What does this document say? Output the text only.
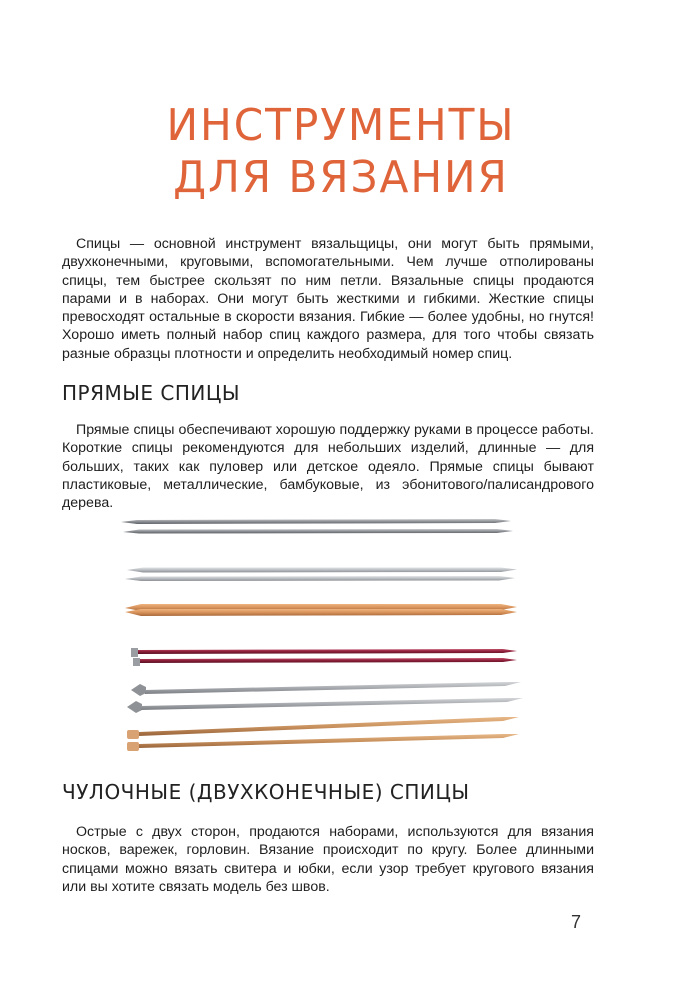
ИНСТРУМЕНТЫ
ДЛЯ ВЯЗАНИЯ

Спицы — основной инструмент вязальщицы, они могут быть прямыми, двухконечными, круговыми, вспомогательными. Чем лучше отполированы спицы, тем быстрее скользят по ним петли. Вязальные спицы продаются парами и в наборах. Они могут быть жесткими и гибкими. Жесткие спицы превосходят остальные в скорости вязания. Гибкие — более удобны, но гнутся! Хорошо иметь полный набор спиц каждого размера, для того чтобы связать разные образцы плотности и определить необходимый номер спиц.

ПРЯМЫЕ СПИЦЫ

Прямые спицы обеспечивают хорошую поддержку руками в процессе работы. Короткие спицы рекомендуются для небольших изделий, длинные — для больших, таких как пуловер или детское одеяло. Прямые спицы бывают пластиковые, металлические, бамбуковые, из эбонитового/палисандрового дерева.

ЧУЛОЧНЫЕ (ДВУХКОНЕЧНЫЕ) СПИЦЫ

Острые с двух сторон, продаются наборами, используются для вязания носков, варежек, горловин. Вязание происходит по кругу. Более длинными спицами можно вязать свитера и юбки, если узор требует кругового вязания или вы хотите связать модель без швов.

7
